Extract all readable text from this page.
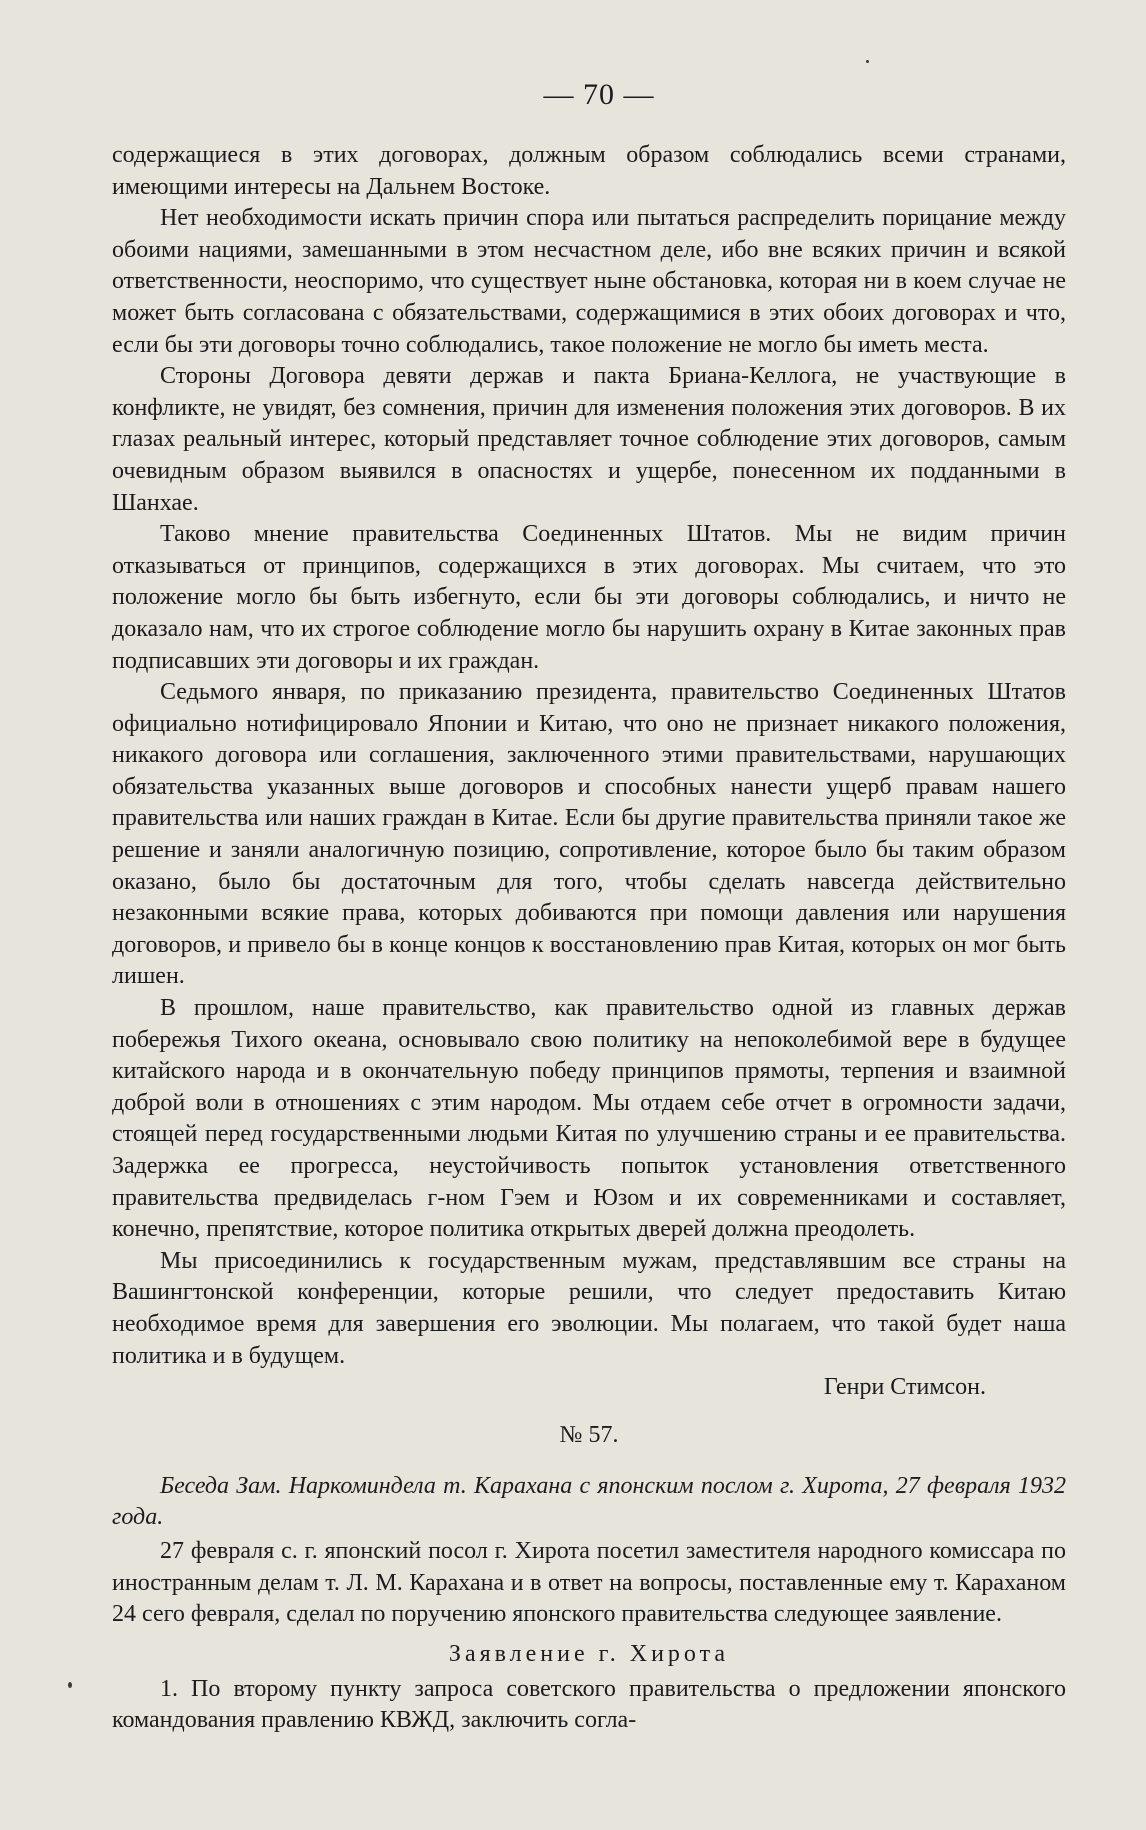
— 70 —

содержащиеся в этих договорах, должным образом соблюдались всеми странами, имеющими интересы на Дальнем Востоке.

Нет необходимости искать причин спора или пытаться распределить порицание между обоими нациями, замешанными в этом несчастном деле, ибо вне всяких причин и всякой ответственности, неоспоримо, что существует ныне обстановка, которая ни в коем случае не может быть согласована с обязательствами, содержащимися в этих обоих договорах и что, если бы эти договоры точно соблюдались, такое положение не могло бы иметь места.

Стороны Договора девяти держав и пакта Бриана-Келлога, не участвующие в конфликте, не увидят, без сомнения, причин для изменения положения этих договоров. В их глазах реальный интерес, который представляет точное соблюдение этих договоров, самым очевидным образом выявился в опасностях и ущербе, понесенном их подданными в Шанхае.

Таково мнение правительства Соединенных Штатов. Мы не видим причин отказываться от принципов, содержащихся в этих договорах. Мы считаем, что это положение могло бы быть избегнуто, если бы эти договоры соблюдались, и ничто не доказало нам, что их строгое соблюдение могло бы нарушить охрану в Китае законных прав подписавших эти договоры и их граждан.

Седьмого января, по приказанию президента, правительство Соединенных Штатов официально нотифицировало Японии и Китаю, что оно не признает никакого положения, никакого договора или соглашения, заключенного этими правительствами, нарушающих обязательства указанных выше договоров и способных нанести ущерб правам нашего правительства или наших граждан в Китае. Если бы другие правительства приняли такое же решение и заняли аналогичную позицию, сопротивление, которое было бы таким образом оказано, было бы достаточным для того, чтобы сделать навсегда действительно незаконными всякие права, которых добиваются при помощи давления или нарушения договоров, и привело бы в конце концов к восстановлению прав Китая, которых он мог быть лишен.

В прошлом, наше правительство, как правительство одной из главных держав побережья Тихого океана, основывало свою политику на непоколебимой вере в будущее китайского народа и в окончательную победу принципов прямоты, терпения и взаимной доброй воли в отношениях с этим народом. Мы отдаем себе отчет в огромности задачи, стоящей перед государственными людьми Китая по улучшению страны и ее правительства. Задержка ее прогресса, неустойчивость попыток установления ответственного правительства предвиделась г-ном Гэем и Юзом и их современниками и составляет, конечно, препятствие, которое политика открытых дверей должна преодолеть.

Мы присоединились к государственным мужам, представлявшим все страны на Вашингтонской конференции, которые решили, что следует предоставить Китаю необходимое время для завершения его эволюции. Мы полагаем, что такой будет наша политика и в будущем.

Генри Стимсон.

№ 57.

Беседа Зам. Наркоминдела т. Карахана с японским послом г. Хирота, 27 февраля 1932 года.

27 февраля с. г. японский посол г. Хирота посетил заместителя народного комиссара по иностранным делам т. Л. М. Карахана и в ответ на вопросы, поставленные ему т. Караханом 24 сего февраля, сделал по поручению японского правительства следующее заявление.

Заявление г. Хирота

1. По второму пункту запроса советского правительства о предложении японского командования правлению КВЖД, заключить согла-
